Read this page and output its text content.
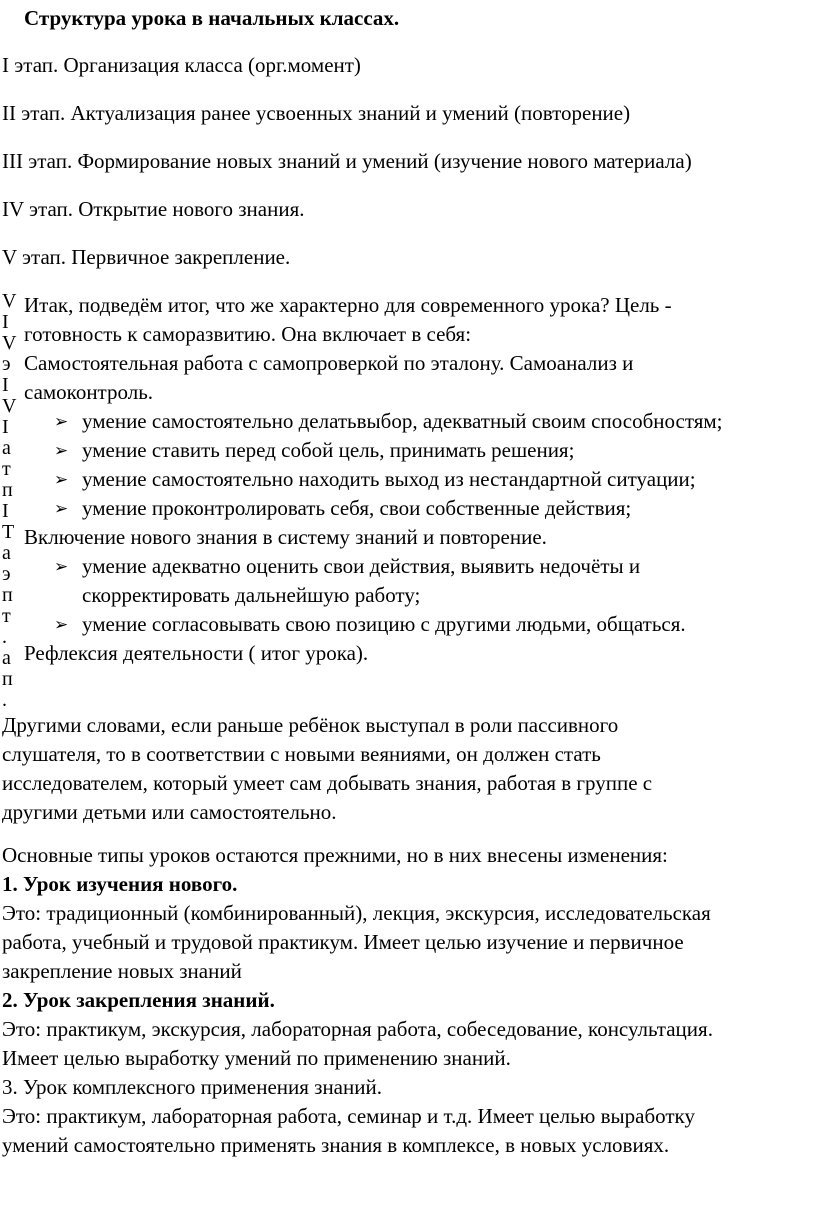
Структура урока в начальных классах.
I этап. Организация класса (орг.момент)
II этап. Актуализация ранее усвоенных знаний и умений (повторение)
III этап. Формирование новых знаний и умений (изучение нового материала)
IV этап. Открытие нового знания.
V этап. Первичное закрепление.
V
I
V
э
I
V
I
а
т
п
I
Т
а
э
п
т
.
а
п
.
Итак, подведём итог, что же характерно для современного урока? Цель -
готовность к саморазвитию. Она включает в себя:
Самостоятельная работа с самопроверкой по эталону. Самоанализ и
самоконтроль.
➢ умение самостоятельно делатьвыбор, адекватный своим способностям;
➢ умение ставить перед собой цель, принимать решения;
➢ умение самостоятельно находить выход из нестандартной ситуации;
➢ умение проконтролировать себя, свои собственные действия;
Включение нового знания в систему знаний и повторение.
➢ умение адекватно оценить свои действия, выявить недочёты и
скорректировать дальнейшую работу;
➢ умение согласовывать свою позицию с другими людьми, общаться.
Рефлексия деятельности ( итог урока).
Другими словами, если раньше ребёнок выступал в роли пассивного
слушателя, то в соответствии с новыми веяниями, он должен стать
исследователем, который умеет сам добывать знания, работая в группе с
другими детьми или самостоятельно.
Основные типы уроков остаются прежними, но в них внесены изменения:
1. Урок изучения нового.
Это: традиционный (комбинированный), лекция, экскурсия, исследовательская
работа, учебный и трудовой практикум. Имеет целью изучение и первичное
закрепление новых знаний
2. Урок закрепления знаний.
Это: практикум, экскурсия, лабораторная работа, собеседование, консультация.
Имеет целью выработку умений по применению знаний.
3. Урок комплексного применения знаний.
Это: практикум, лабораторная работа, семинар и т.д. Имеет целью выработку
умений самостоятельно применять знания в комплексе, в новых условиях.
